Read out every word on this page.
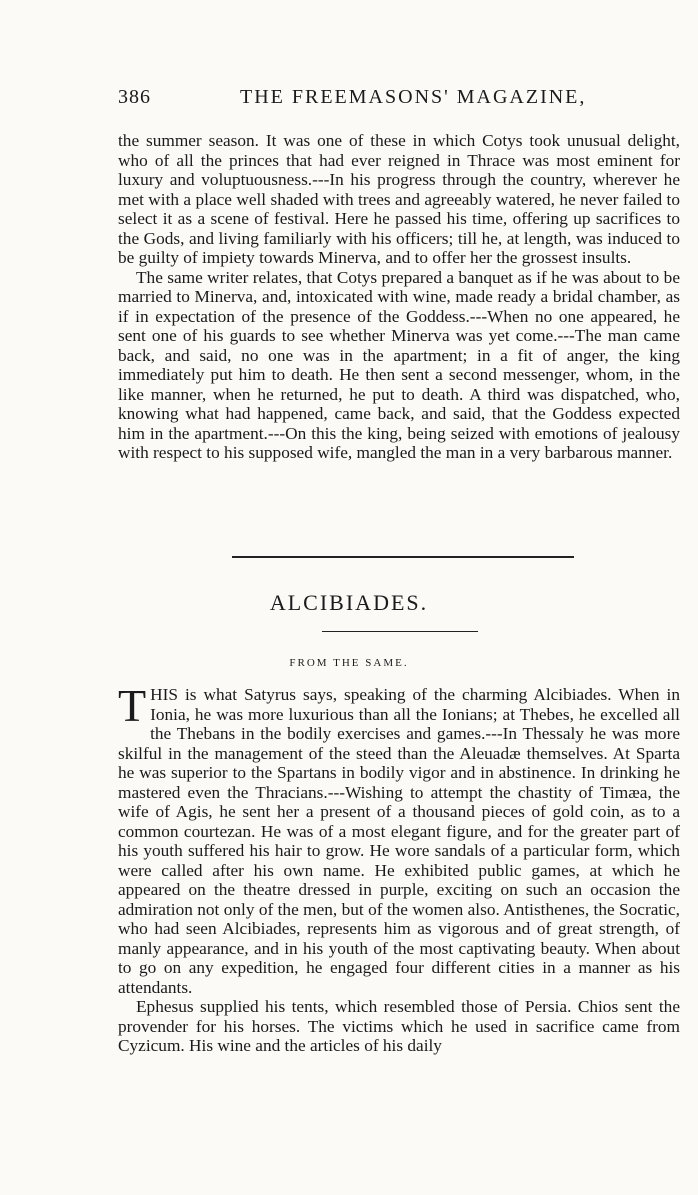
386	THE FREEMASONS' MAGAZINE,

the summer season. It was one of these in which Cotys took unusual delight, who of all the princes that had ever reigned in Thrace was most eminent for luxury and voluptuousness.---In his progress through the country, wherever he met with a place well shaded with trees and agreeably watered, he never failed to select it as a scene of festival. Here he passed his time, offering up sacrifices to the Gods, and living familiarly with his officers; till he, at length, was induced to be guilty of impiety towards Minerva, and to offer her the grossest insults.

The same writer relates, that Cotys prepared a banquet as if he was about to be married to Minerva, and, intoxicated with wine, made ready a bridal chamber, as if in expectation of the presence of the Goddess.---When no one appeared, he sent one of his guards to see whether Minerva was yet come.---The man came back, and said, no one was in the apartment; in a fit of anger, the king immediately put him to death. He then sent a second messenger, whom, in the like manner, when he returned, he put to death. A third was dispatched, who, knowing what had happened, came back, and said, that the Goddess expected him in the apartment.---On this the king, being seized with emotions of jealousy with respect to his supposed wife, mangled the man in a very barbarous manner.

ALCIBIADES.
FROM THE SAME.

THIS is what Satyrus says, speaking of the charming Alcibiades. When in Ionia, he was more luxurious than all the Ionians; at Thebes, he excelled all the Thebans in the bodily exercises and games.---In Thessaly he was more skilful in the management of the steed than the Aleuadæ themselves. At Sparta he was superior to the Spartans in bodily vigor and in abstinence. In drinking he mastered even the Thracians.---Wishing to attempt the chastity of Timæa, the wife of Agis, he sent her a present of a thousand pieces of gold coin, as to a common courtezan. He was of a most elegant figure, and for the greater part of his youth suffered his hair to grow. He wore sandals of a particular form, which were called after his own name. He exhibited public games, at which he appeared on the theatre dressed in purple, exciting on such an occasion the admiration not only of the men, but of the women also. Antisthenes, the Socratic, who had seen Alcibiades, represents him as vigorous and of great strength, of manly appearance, and in his youth of the most captivating beauty. When about to go on any expedition, he engaged four different cities in a manner as his attendants.

Ephesus supplied his tents, which resembled those of Persia. Chios sent the provender for his horses. The victims which he used in sacrifice came from Cyzicum. His wine and the articles of his daily
